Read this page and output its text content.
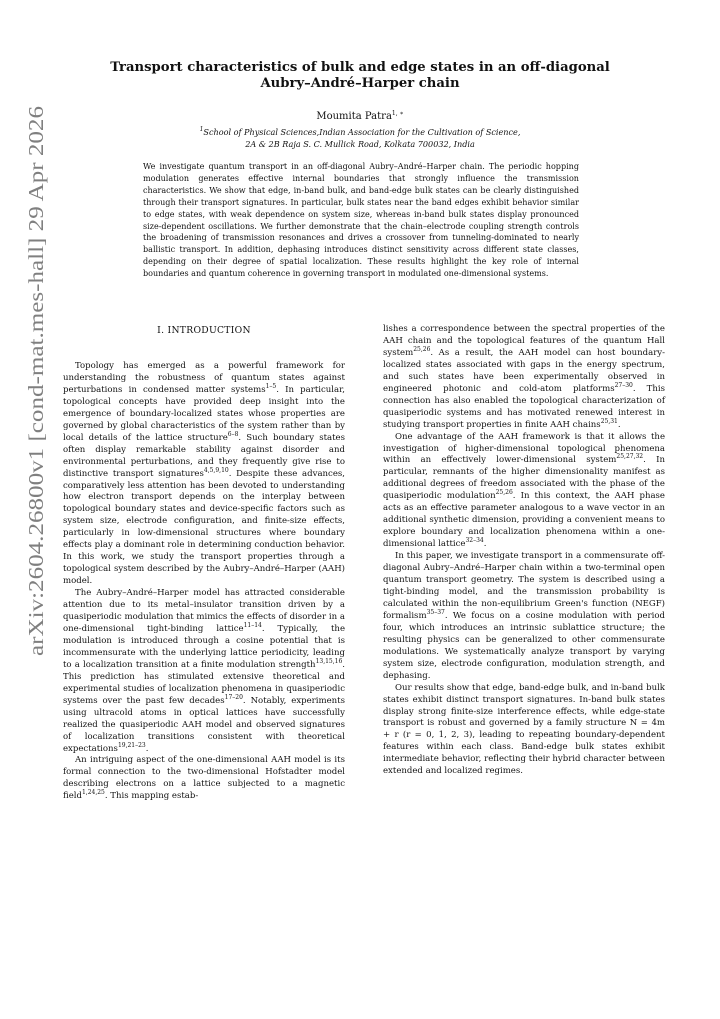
arXiv:2604.26800v1 [cond-mat.mes-hall] 29 Apr 2026
Transport characteristics of bulk and edge states in an off-diagonal
Aubry–André–Harper chain
Moumita Patra$^{1, ∗}$
$^1$School of Physical Sciences,Indian Association for the Cultivation of Science,
2A & 2B Raja S. C. Mullick Road, Kolkata 700032, India

We investigate quantum transport in an off-diagonal Aubry–André–Harper chain. The periodic hopping modulation generates effective internal boundaries that strongly influence the transmission characteristics. We show that edge, in-band bulk, and band-edge bulk states can be clearly distinguished through their transport signatures. In particular, bulk states near the band edges exhibit behavior similar to edge states, with weak dependence on system size, whereas in-band bulk states display pronounced size-dependent oscillations. We further demonstrate that the chain–electrode coupling strength controls the broadening of transmission resonances and drives a crossover from tunneling-dominated to nearly ballistic transport. In addition, dephasing introduces distinct sensitivity across different state classes, depending on their degree of spatial localization. These results highlight the key role of internal boundaries and quantum coherence in governing transport in modulated one-dimensional systems.

I. INTRODUCTION

Topology has emerged as a powerful framework for understanding the robustness of quantum states against perturbations in condensed matter systems$^{1-5}$. In particular, topological concepts have provided deep insight into the emergence of boundary-localized states whose properties are governed by global characteristics of the system rather than by local details of the lattice structure$^{6-8}$. Such boundary states often display remarkable stability against disorder and environmental perturbations, and they frequently give rise to distinctive transport signatures$^{4,5,9,10}$. Despite these advances, comparatively less attention has been devoted to understanding how electron transport depends on the interplay between topological boundary states and device-specific factors such as system size, electrode configuration, and finite-size effects, particularly in low-dimensional structures where boundary effects play a dominant role in determining conduction behavior. In this work, we study the transport properties through a topological system described by the Aubry–André–Harper (AAH) model.

The Aubry–André–Harper model has attracted considerable attention due to its metal–insulator transition driven by a quasiperiodic modulation that mimics the effects of disorder in a one-dimensional tight-binding lattice$^{11-14}$. Typically, the modulation is introduced through a cosine potential that is incommensurate with the underlying lattice periodicity, leading to a localization transition at a finite modulation strength$^{13,15,16}$. This prediction has stimulated extensive theoretical and experimental studies of localization phenomena in quasiperiodic systems over the past few decades$^{17-20}$. Notably, experiments using ultracold atoms in optical lattices have successfully realized the quasiperiodic AAH model and observed signatures of localization transitions consistent with theoretical expectations$^{19,21-23}$.

An intriguing aspect of the one-dimensional AAH model is its formal connection to the two-dimensional Hofstadter model describing electrons on a lattice subjected to a magnetic field$^{1,24,25}$. This mapping estab-

lishes a correspondence between the spectral properties of the AAH chain and the topological features of the quantum Hall system$^{25,26}$. As a result, the AAH model can host boundary-localized states associated with gaps in the energy spectrum, and such states have been experimentally observed in engineered photonic and cold-atom platforms$^{27-30}$. This connection has also enabled the topological characterization of quasiperiodic systems and has motivated renewed interest in studying transport properties in finite AAH chains$^{25,31}$.

One advantage of the AAH framework is that it allows the investigation of higher-dimensional topological phenomena within an effectively lower-dimensional system$^{25,27,32}$. In particular, remnants of the higher dimensionality manifest as additional degrees of freedom associated with the phase of the quasiperiodic modulation$^{25,26}$. In this context, the AAH phase acts as an effective parameter analogous to a wave vector in an additional synthetic dimension, providing a convenient means to explore boundary and localization phenomena within a one-dimensional lattice$^{32-34}$.

In this paper, we investigate transport in a commensurate off-diagonal Aubry–André–Harper chain within a two-terminal open quantum transport geometry. The system is described using a tight-binding model, and the transmission probability is calculated within the non-equilibrium Green's function (NEGF) formalism$^{35-37}$. We focus on a cosine modulation with period four, which introduces an intrinsic sublattice structure; the resulting physics can be generalized to other commensurate modulations. We systematically analyze transport by varying system size, electrode configuration, modulation strength, and dephasing.

Our results show that edge, band-edge bulk, and in-band bulk states exhibit distinct transport signatures. In-band bulk states display strong finite-size interference effects, while edge-state transport is robust and governed by a family structure N = 4m + r (r = 0, 1, 2, 3), leading to repeating boundary-dependent features within each class. Band-edge bulk states exhibit intermediate behavior, reflecting their hybrid character between extended and localized regimes.
